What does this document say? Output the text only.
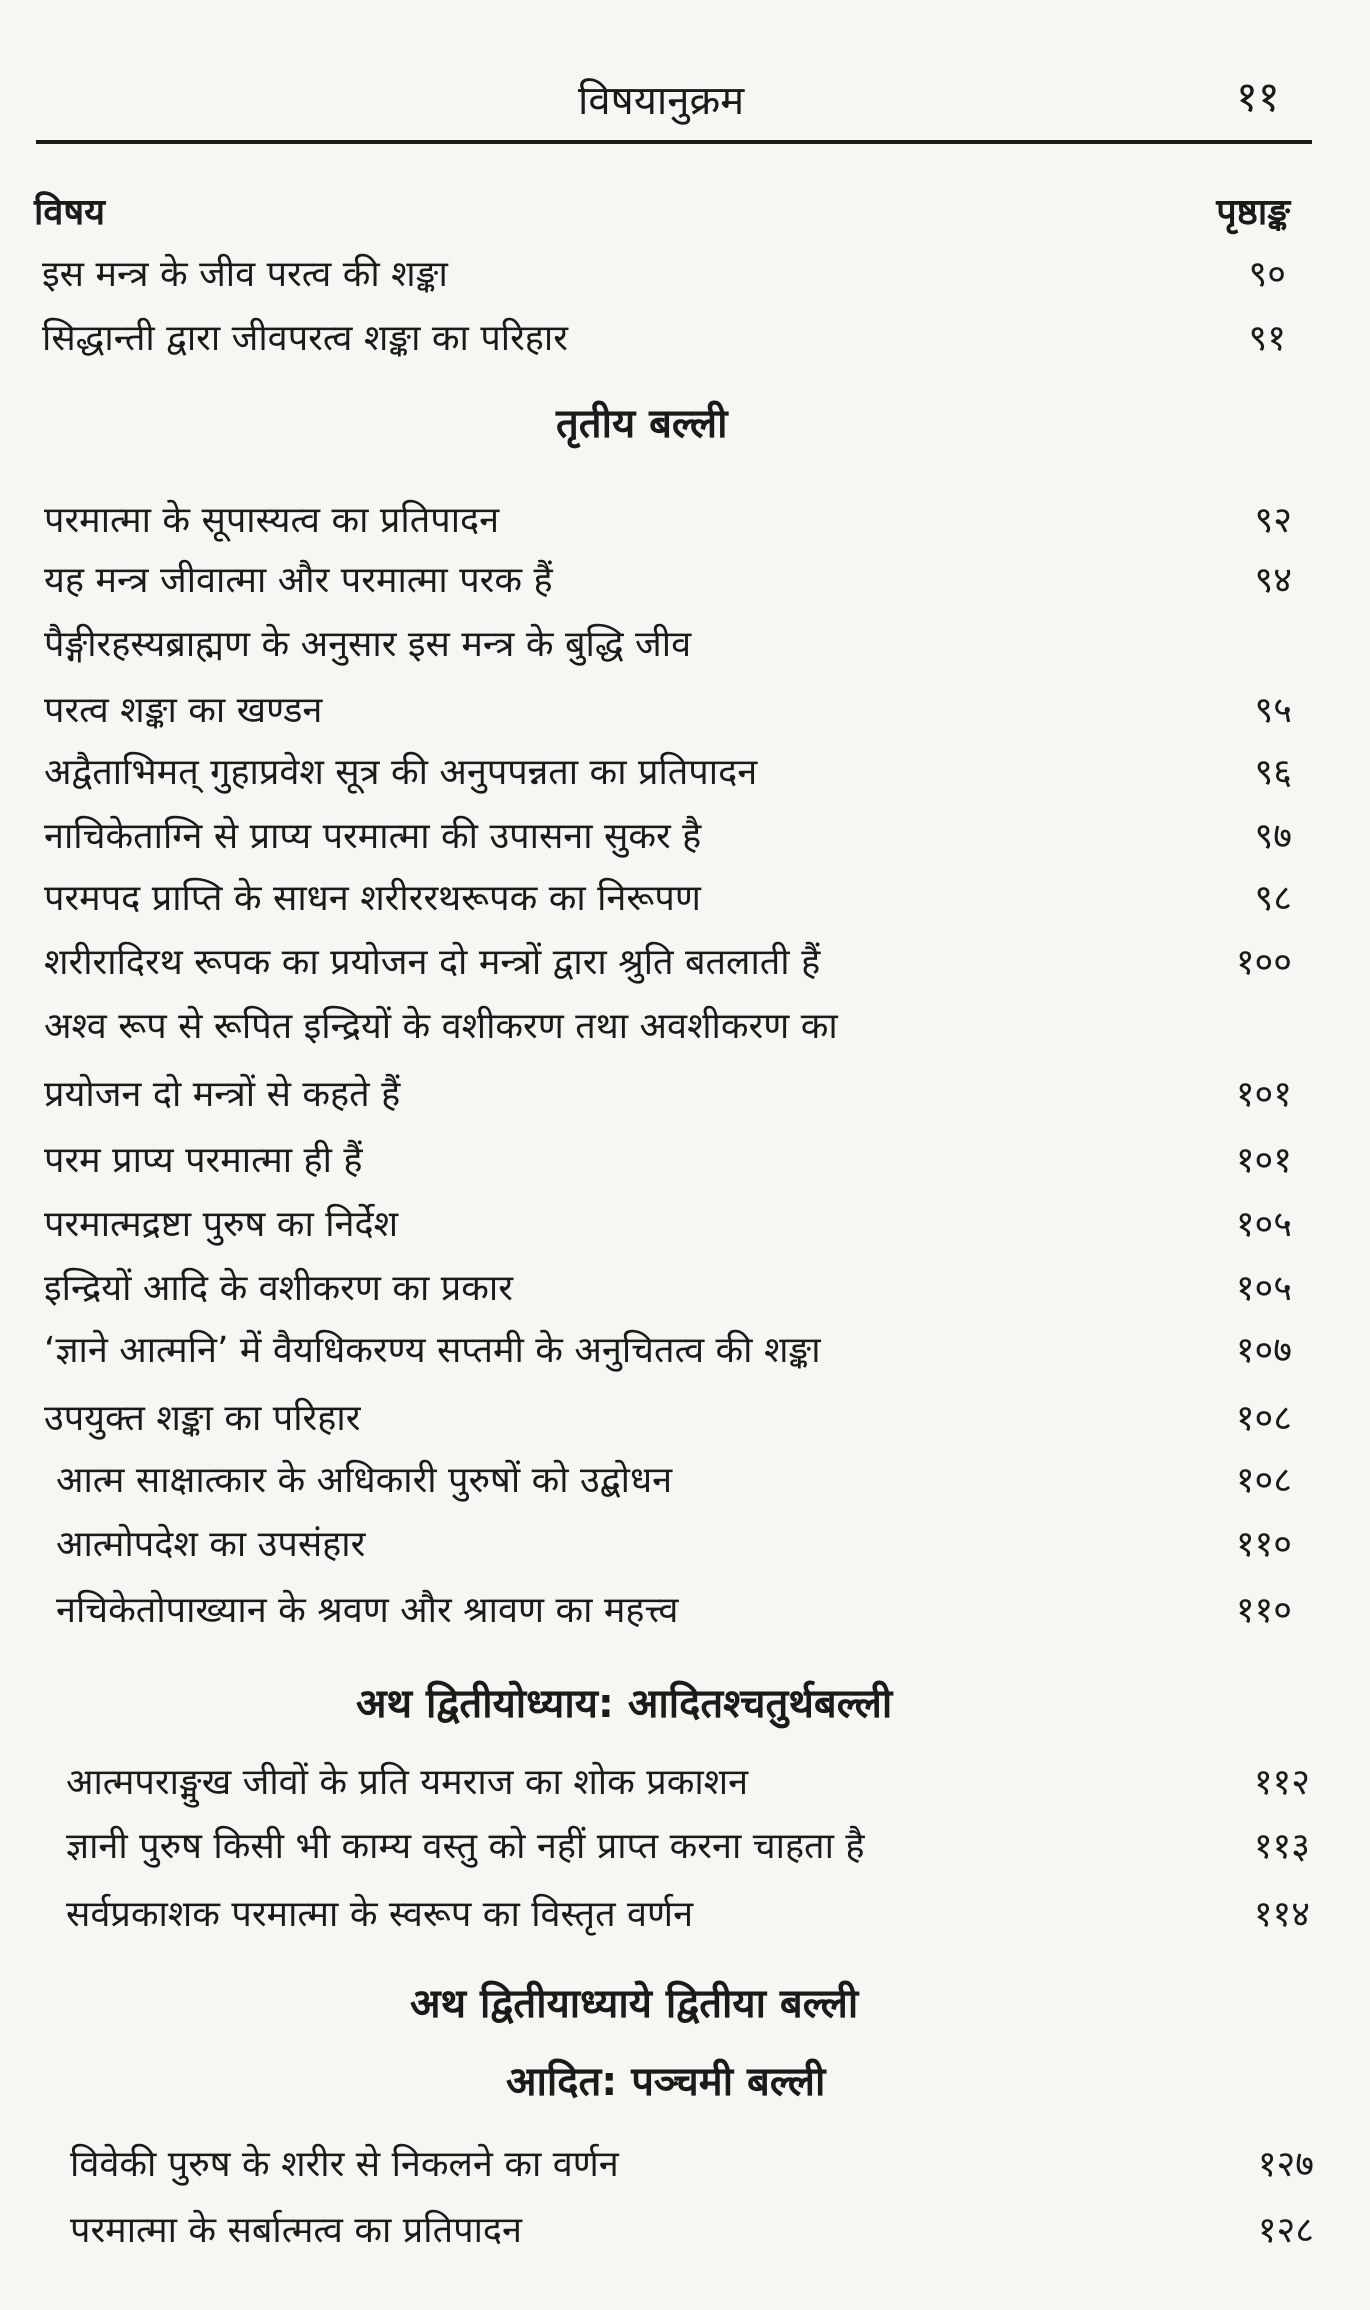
विषयानुक्रम	११
विषय	पृष्ठाङ्क
इस मन्त्र के जीव परत्व की शङ्का	९०
सिद्धान्ती द्वारा जीवपरत्व शङ्का का परिहार	९१
तृतीय बल्ली
परमात्मा के सूपास्यत्व का प्रतिपादन	९२
यह मन्त्र जीवात्मा और परमात्मा परक हैं	९४
पैङ्गीरहस्यब्राह्मण के अनुसार इस मन्त्र के बुद्धि जीव
परत्व शङ्का का खण्डन	९५
अद्वैताभिमत् गुहाप्रवेश सूत्र की अनुपपन्नता का प्रतिपादन	९६
नाचिकेताग्नि से प्राप्य परमात्मा की उपासना सुकर है	९७
परमपद प्राप्ति के साधन शरीररथरूपक का निरूपण	९८
शरीरादिरथ रूपक का प्रयोजन दो मन्त्रों द्वारा श्रुति बतलाती हैं	१००
अश्व रूप से रूपित इन्द्रियों के वशीकरण तथा अवशीकरण का
प्रयोजन दो मन्त्रों से कहते हैं	१०१
परम प्राप्य परमात्मा ही हैं	१०१
परमात्मद्रष्टा पुरुष का निर्देश	१०५
इन्द्रियों आदि के वशीकरण का प्रकार	१०५
‘ज्ञाने आत्मनि’ में वैयधिकरण्य सप्तमी के अनुचितत्व की शङ्का	१०७
उपयुक्त शङ्का का परिहार	१०८
आत्म साक्षात्कार के अधिकारी पुरुषों को उद्बोधन	१०८
आत्मोपदेश का उपसंहार	११०
नचिकेतोपाख्यान के श्रवण और श्रावण का महत्त्व	११०
अथ द्वितीयोध्याय: आदितश्चतुर्थबल्ली
आत्मपराङ्मुख जीवों के प्रति यमराज का शोक प्रकाशन	११२
ज्ञानी पुरुष किसी भी काम्य वस्तु को नहीं प्राप्त करना चाहता है	११३
सर्वप्रकाशक परमात्मा के स्वरूप का विस्तृत वर्णन	११४
अथ द्वितीयाध्याये द्वितीया बल्ली
आदित: पञ्चमी बल्ली
विवेकी पुरुष के शरीर से निकलने का वर्णन	१२७
परमात्मा के सर्बात्मत्व का प्रतिपादन	१२८
